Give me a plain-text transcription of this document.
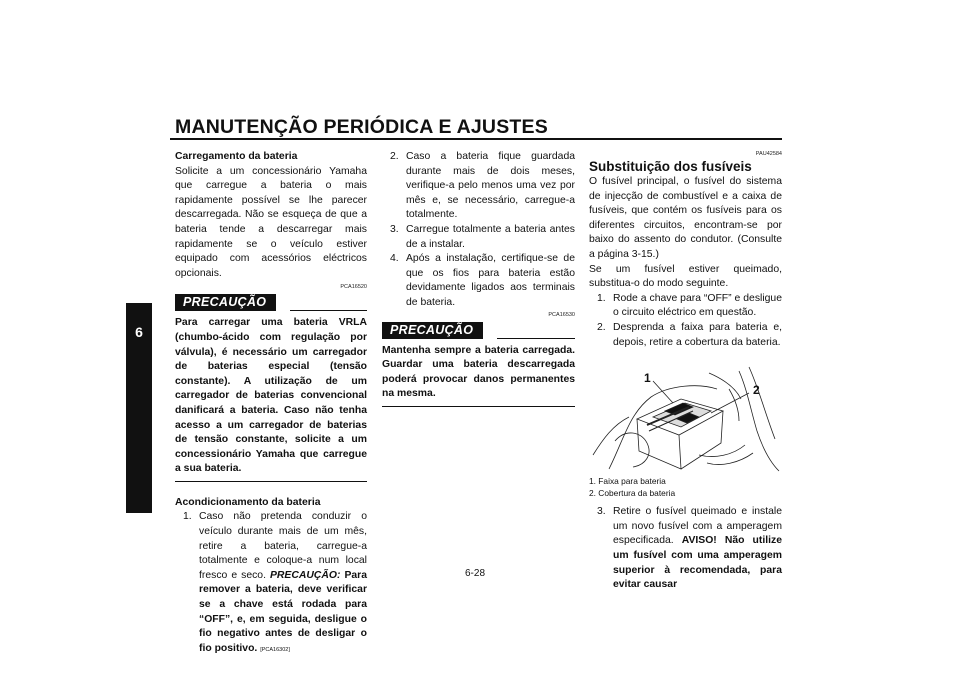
MANUTENÇÃO PERIÓDICA E AJUSTES
6

Carregamento da bateria

Solicite a um concessionário Yamaha que carregue a bateria o mais rapidamente possível se lhe parecer descarregada. Não se esqueça de que a bateria tende a descarregar mais rapidamente se o veículo estiver equipado com acessórios eléctricos opcionais.

PCA16520
PRECAUÇÃO

Para carregar uma bateria VRLA (chumbo-ácido com regulação por válvula), é necessário um carregador de baterias especial (tensão constante). A utilização de um carregador de baterias convencional danificará a bateria. Caso não tenha acesso a um carregador de baterias de tensão constante, solicite a um concessionário Yamaha que carregue a sua bateria.

Acondicionamento da bateria

1. Caso não pretenda conduzir o veículo durante mais de um mês, retire a bateria, carregue-a totalmente e coloque-a num local fresco e seco. PRECAUÇÃO: Para remover a bateria, deve verificar se a chave está rodada para “OFF”, e, em seguida, desligue o fio negativo antes de desligar o fio positivo. [PCA16302]
2. Caso a bateria fique guardada durante mais de dois meses, verifique-a pelo menos uma vez por mês e, se necessário, carregue-a totalmente.
3. Carregue totalmente a bateria antes de a instalar.
4. Após a instalação, certifique-se de que os fios para bateria estão devidamente ligados aos terminais de bateria.
PCA16530
PRECAUÇÃO

Mantenha sempre a bateria carregada. Guardar uma bateria descarregada poderá provocar danos permanentes na mesma.

PAU42584

Substituição dos fusíveis

O fusível principal, o fusível do sistema de injecção de combustível e a caixa de fusíveis, que contém os fusíveis para os diferentes circuitos, encontram-se por baixo do assento do condutor. (Consulte a página 3-15.)

Se um fusível estiver queimado, substitua-o do modo seguinte.

1. Rode a chave para “OFF” e desligue o circuito eléctrico em questão.
2. Desprenda a faixa para bateria e, depois, retire a cobertura da bateria.
1
2

1. Faixa para bateria

2. Cobertura da bateria

3. Retire o fusível queimado e instale um novo fusível com a amperagem especificada. AVISO! Não utilize um fusível com uma amperagem superior à recomendada, para evitar causar
6-28
